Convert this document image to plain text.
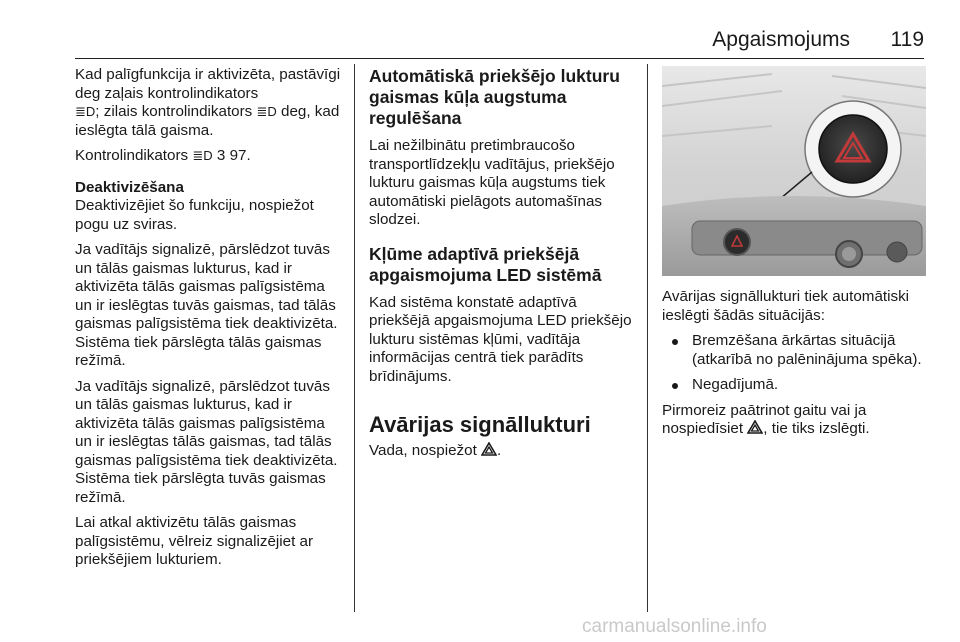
Apgaismojums 119

Kad palīgfunkcija ir aktivizēta, pastāvīgi deg zaļais kontrolindikators
≣D; zilais kontrolindikators ≣D deg, kad ieslēgta tālā gaisma.

Kontrolindikators ≣D 3 97.

Deaktivizēšana

Deaktivizējiet šo funkciju, nospiežot pogu uz sviras.

Ja vadītājs signalizē, pārslēdzot tuvās un tālās gaismas lukturus, kad ir aktivizēta tālās gaismas palīgsistēma un ir ieslēgtas tuvās gaismas, tad tālās gaismas palīgsistēma tiek deaktivizēta. Sistēma tiek pārslēgta tālās gaismas režīmā.

Ja vadītājs signalizē, pārslēdzot tuvās un tālās gaismas lukturus, kad ir aktivizēta tālās gaismas palīgsistēma un ir ieslēgtas tālās gaismas, tad tālās gaismas palīgsistēma tiek deaktivizēta. Sistēma tiek pārslēgta tuvās gaismas režīmā.

Lai atkal aktivizētu tālās gaismas palīgsistēmu, vēlreiz signalizējiet ar priekšējiem lukturiem.

Automātiskā priekšējo lukturu gaismas kūļa augstuma regulēšana

Lai nežilbinātu pretimbraucošo transportlīdzekļu vadītājus, priekšējo lukturu gaismas kūļa augstums tiek automātiski pielāgots automašīnas slodzei.

Kļūme adaptīvā priekšējā apgaismojuma LED sistēmā

Kad sistēma konstatē adaptīvā priekšējā apgaismojuma LED priekšējo lukturu sistēmas kļūmi, vadītāja informācijas centrā tiek parādīts brīdinājums.

Avārijas signāllukturi

Vada, nospiežot .

Avārijas signāllukturi tiek automātiski ieslēgti šādās situācijās:

Bremzēšana ārkārtas situācijā (atkarībā no palēninājuma spēka).
Negadījumā.

Pirmoreiz paātrinot gaitu vai ja nospiedīsiet , tie tiks izslēgti.

carmanualsonline.info
